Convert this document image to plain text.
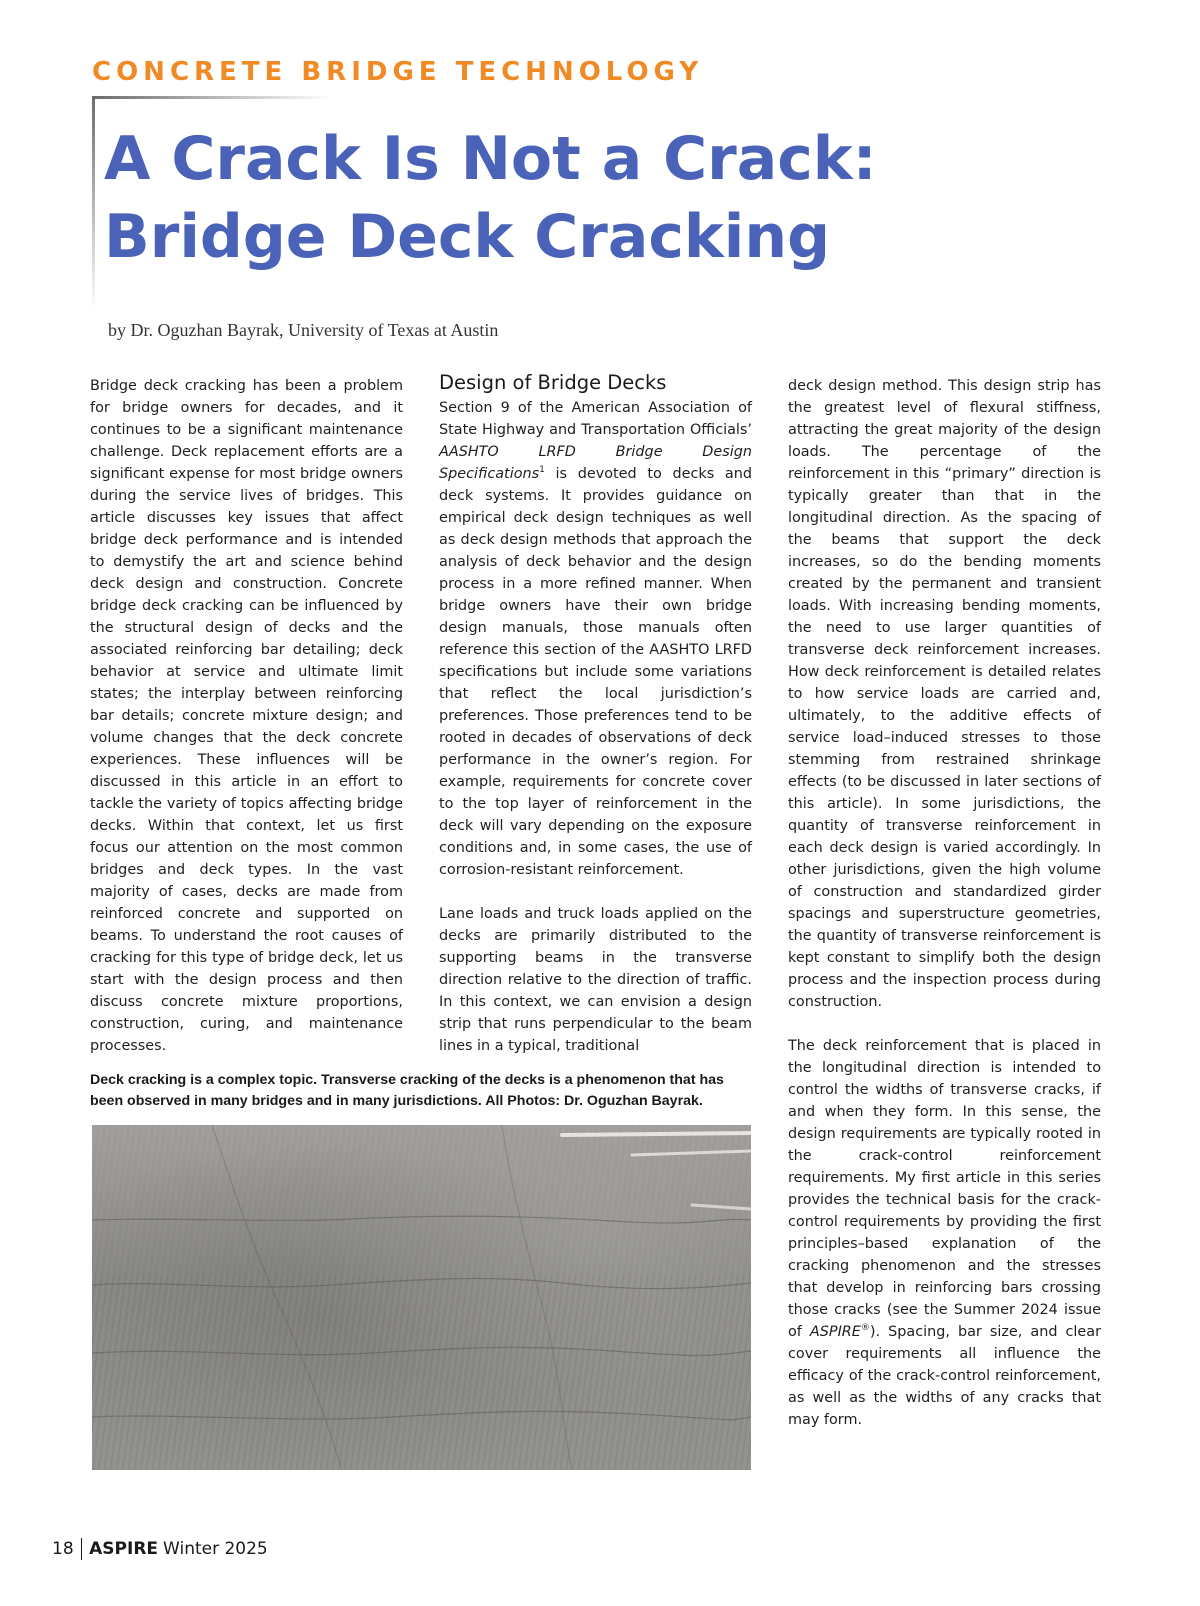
CONCRETE BRIDGE TECHNOLOGY
A Crack Is Not a Crack:
Bridge Deck Cracking
by Dr. Oguzhan Bayrak, University of Texas at Austin

Bridge deck cracking has been a problem for bridge owners for decades, and it continues to be a significant maintenance challenge. Deck replacement efforts are a significant expense for most bridge owners during the service lives of bridges. This article discusses key issues that affect bridge deck performance and is intended to demystify the art and science behind deck design and construction. Concrete bridge deck cracking can be influenced by the structural design of decks and the associated reinforcing bar detailing; deck behavior at service and ultimate limit states; the interplay between reinforcing bar details; concrete mixture design; and volume changes that the deck concrete experiences. These influences will be discussed in this article in an effort to tackle the variety of topics affecting bridge decks. Within that context, let us first focus our attention on the most common bridges and deck types. In the vast majority of cases, decks are made from reinforced concrete and supported on beams. To understand the root causes of cracking for this type of bridge deck, let us start with the design process and then discuss concrete mixture proportions, construction, curing, and maintenance processes.

Design of Bridge Decks

Section 9 of the American Association of State Highway and Transportation Officials’ AASHTO LRFD Bridge Design Specifications$^1$ is devoted to decks and deck systems. It provides guidance on empirical deck design techniques as well as deck design methods that approach the analysis of deck behavior and the design process in a more refined manner. When bridge owners have their own bridge design manuals, those manuals often reference this section of the AASHTO LRFD specifications but include some variations that reflect the local jurisdiction’s preferences. Those preferences tend to be rooted in decades of observations of deck performance in the owner’s region. For example, requirements for concrete cover to the top layer of reinforcement in the deck will vary depending on the exposure conditions and, in some cases, the use of corrosion-resistant reinforcement.

Lane loads and truck loads applied on the decks are primarily distributed to the supporting beams in the transverse direction relative to the direction of traffic. In this context, we can envision a design strip that runs perpendicular to the beam lines in a typical, traditional

deck design method. This design strip has the greatest level of flexural stiffness, attracting the great majority of the design loads. The percentage of the reinforcement in this “primary” direction is typically greater than that in the longitudinal direction. As the spacing of the beams that support the deck increases, so do the bending moments created by the permanent and transient loads. With increasing bending moments, the need to use larger quantities of transverse deck reinforcement increases. How deck reinforcement is detailed relates to how service loads are carried and, ultimately, to the additive effects of service load–induced stresses to those stemming from restrained shrinkage effects (to be discussed in later sections of this article). In some jurisdictions, the quantity of transverse reinforcement in each deck design is varied accordingly. In other jurisdictions, given the high volume of construction and standardized girder spacings and superstructure geometries, the quantity of transverse reinforcement is kept constant to simplify both the design process and the inspection process during construction.

The deck reinforcement that is placed in the longitudinal direction is intended to control the widths of transverse cracks, if and when they form. In this sense, the design requirements are typically rooted in the crack-control reinforcement requirements. My first article in this series provides the technical basis for the crack-control requirements by providing the first principles–based explanation of the cracking phenomenon and the stresses that develop in reinforcing bars crossing those cracks (see the Summer 2024 issue of ASPIRE®). Spacing, bar size, and clear cover requirements all influence the efficacy of the crack-control reinforcement, as well as the widths of any cracks that may form.

Deck cracking is a complex topic. Transverse cracking of the decks is a phenomenon that has been observed in many bridges and in many jurisdictions. All Photos: Dr. Oguzhan Bayrak.

18 ASPIRE Winter 2025
